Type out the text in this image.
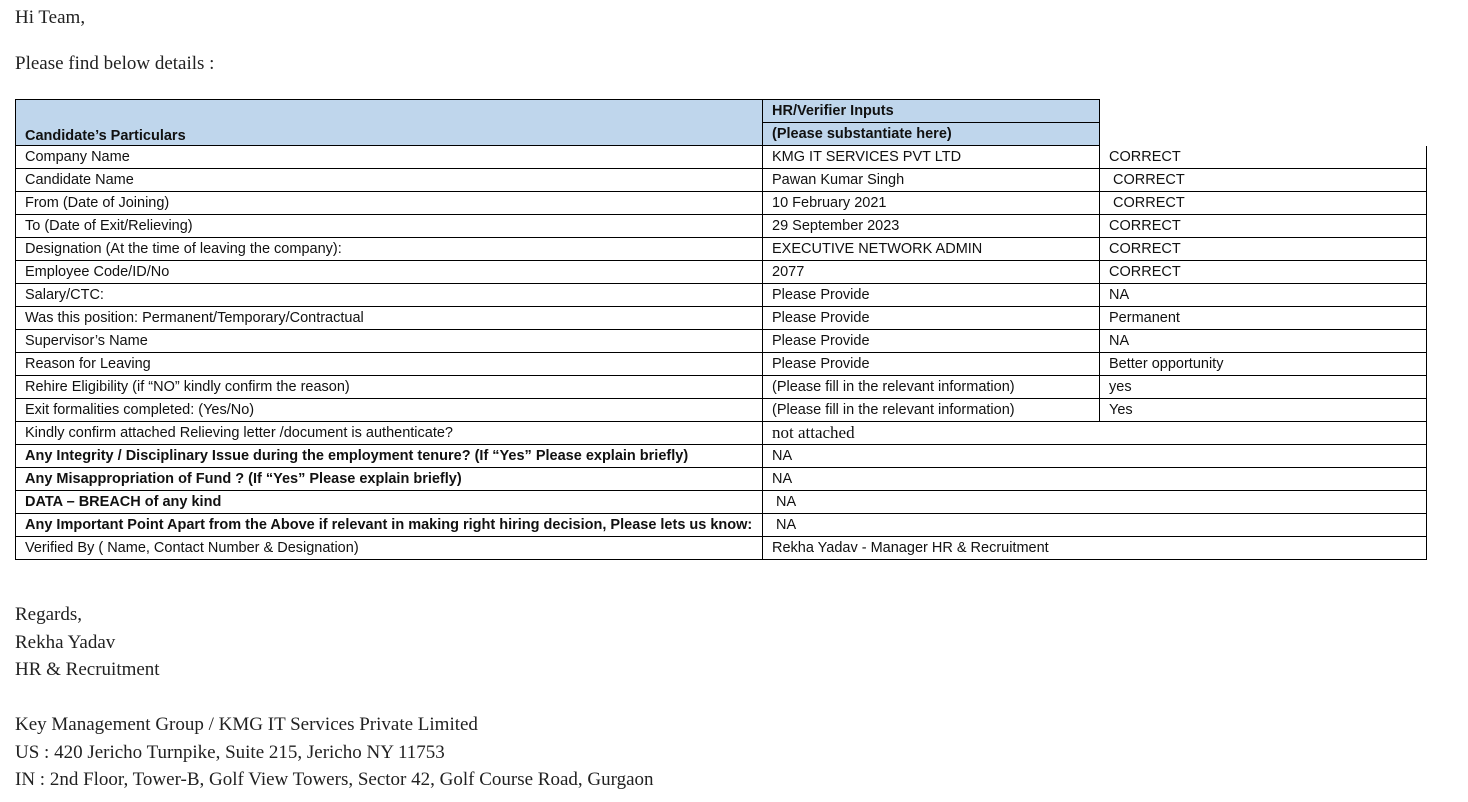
Hi Team,
Please find below details :
Candidate’s Particulars	HR/Verifier Inputs	
	(Please substantiate here)	
Company Name	KMG IT SERVICES PVT LTD	CORRECT
Candidate Name	Pawan Kumar Singh	CORRECT
From (Date of Joining)	10 February 2021	CORRECT
To (Date of Exit/Relieving)	29 September 2023	CORRECT
Designation (At the time of leaving the company):	EXECUTIVE NETWORK ADMIN	CORRECT
Employee Code/ID/No	2077	CORRECT
Salary/CTC:	Please Provide	NA
Was this position: Permanent/Temporary/Contractual	Please Provide	Permanent
Supervisor’s Name	Please Provide	NA
Reason for Leaving	Please Provide	Better opportunity
Rehire Eligibility (if “NO” kindly confirm the reason)	(Please fill in the relevant information)	yes
Exit formalities completed: (Yes/No)	(Please fill in the relevant information)	Yes
Kindly confirm attached Relieving letter /document is authenticate?	not attached	
Any Integrity / Disciplinary Issue during the employment tenure? (If “Yes” Please explain briefly)	NA	
Any Misappropriation of Fund ? (If “Yes” Please explain briefly)	NA	
DATA – BREACH of any kind	NA	
Any Important Point Apart from the Above if relevant in making right hiring decision, Please lets us know:	NA	
Verified By ( Name, Contact Number & Designation)	Rekha Yadav - Manager HR & Recruitment	
Regards,
Rekha Yadav
HR & Recruitment
Key Management Group / KMG IT Services Private Limited
US : 420 Jericho Turnpike, Suite 215, Jericho NY 11753
IN : 2nd Floor, Tower-B, Golf View Towers, Sector 42, Golf Course Road, Gurgaon
